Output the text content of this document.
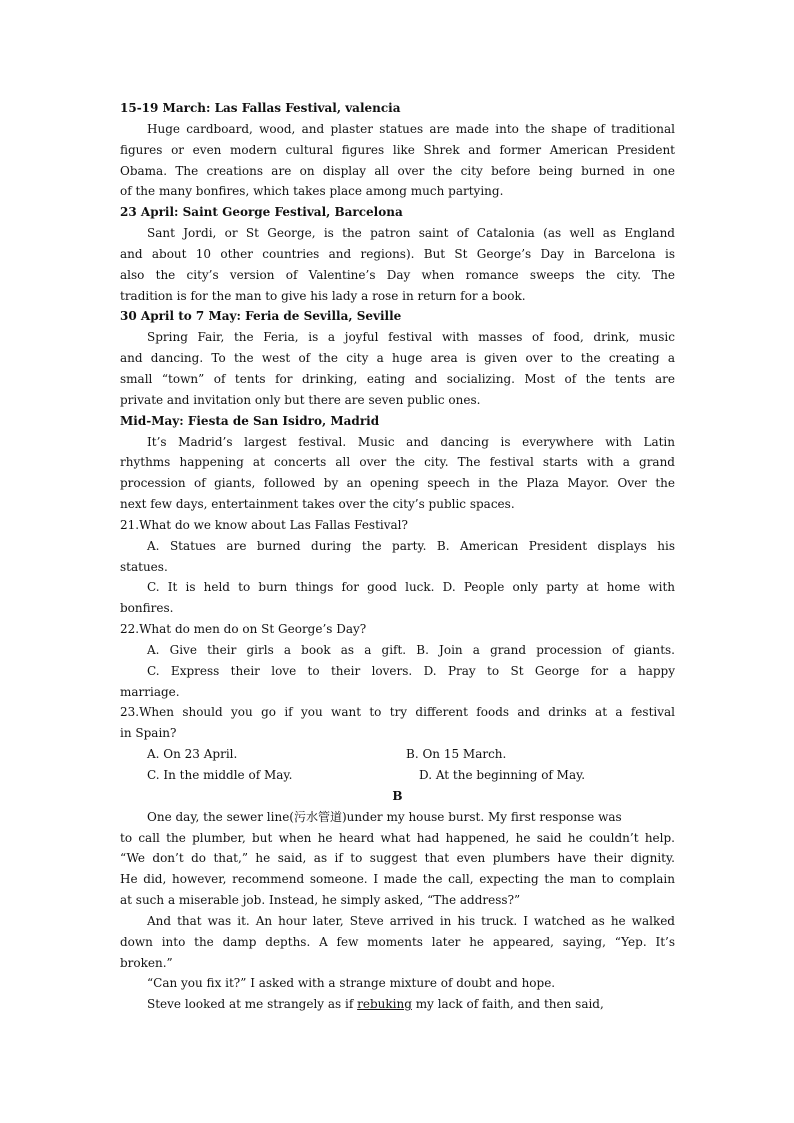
15-19 March: Las Fallas Festival, valencia
Huge cardboard, wood, and plaster statues are made into the shape of traditional
figures or even modern cultural figures like Shrek and former American President
Obama. The creations are on display all over the city before being burned in one
of the many bonfires, which takes place among much partying.
23 April: Saint George Festival, Barcelona
Sant Jordi, or St George, is the patron saint of Catalonia (as well as England
and about 10 other countries and regions). But St George’s Day in Barcelona is
also the city’s version of Valentine’s Day when romance sweeps the city. The
tradition is for the man to give his lady a rose in return for a book.
30 April to 7 May: Feria de Sevilla, Seville
Spring Fair, the Feria, is a joyful festival with masses of food, drink, music
and dancing. To the west of the city a huge area is given over to the creating a
small “town” of tents for drinking, eating and socializing. Most of the tents are
private and invitation only but there are seven public ones.
Mid-May: Fiesta de San Isidro, Madrid
It’s Madrid’s largest festival. Music and dancing is everywhere with Latin
rhythms happening at concerts all over the city. The festival starts with a grand
procession of giants, followed by an opening speech in the Plaza Mayor. Over the
next few days, entertainment takes over the city’s public spaces.
21.What do we know about Las Fallas Festival?
A. Statues are burned during the party. B. American President displays his
statues.
C. It is held to burn things for good luck. D. People only party at home with
bonfires.
22.What do men do on St George’s Day?
A. Give their girls a book as a gift. B. Join a grand procession of giants.
C. Express their love to their lovers. D. Pray to St George for a happy
marriage.
23.When should you go if you want to try different foods and drinks at a festival
in Spain?
A. On 23 April.	B. On 15 March.
C. In the middle of May.	D. At the beginning of May.
B
One day, the sewer line(污水管道)under my house burst. My first response was
to call the plumber, but when he heard what had happened, he said he couldn’t help.
“We don’t do that,” he said, as if to suggest that even plumbers have their dignity.
He did, however, recommend someone. I made the call, expecting the man to complain
at such a miserable job. Instead, he simply asked, “The address?”
And that was it. An hour later, Steve arrived in his truck. I watched as he walked
down into the damp depths. A few moments later he appeared, saying, “Yep. It’s
broken.”
“Can you fix it?” I asked with a strange mixture of doubt and hope.
Steve looked at me strangely as if rebuking my lack of faith, and then said,
